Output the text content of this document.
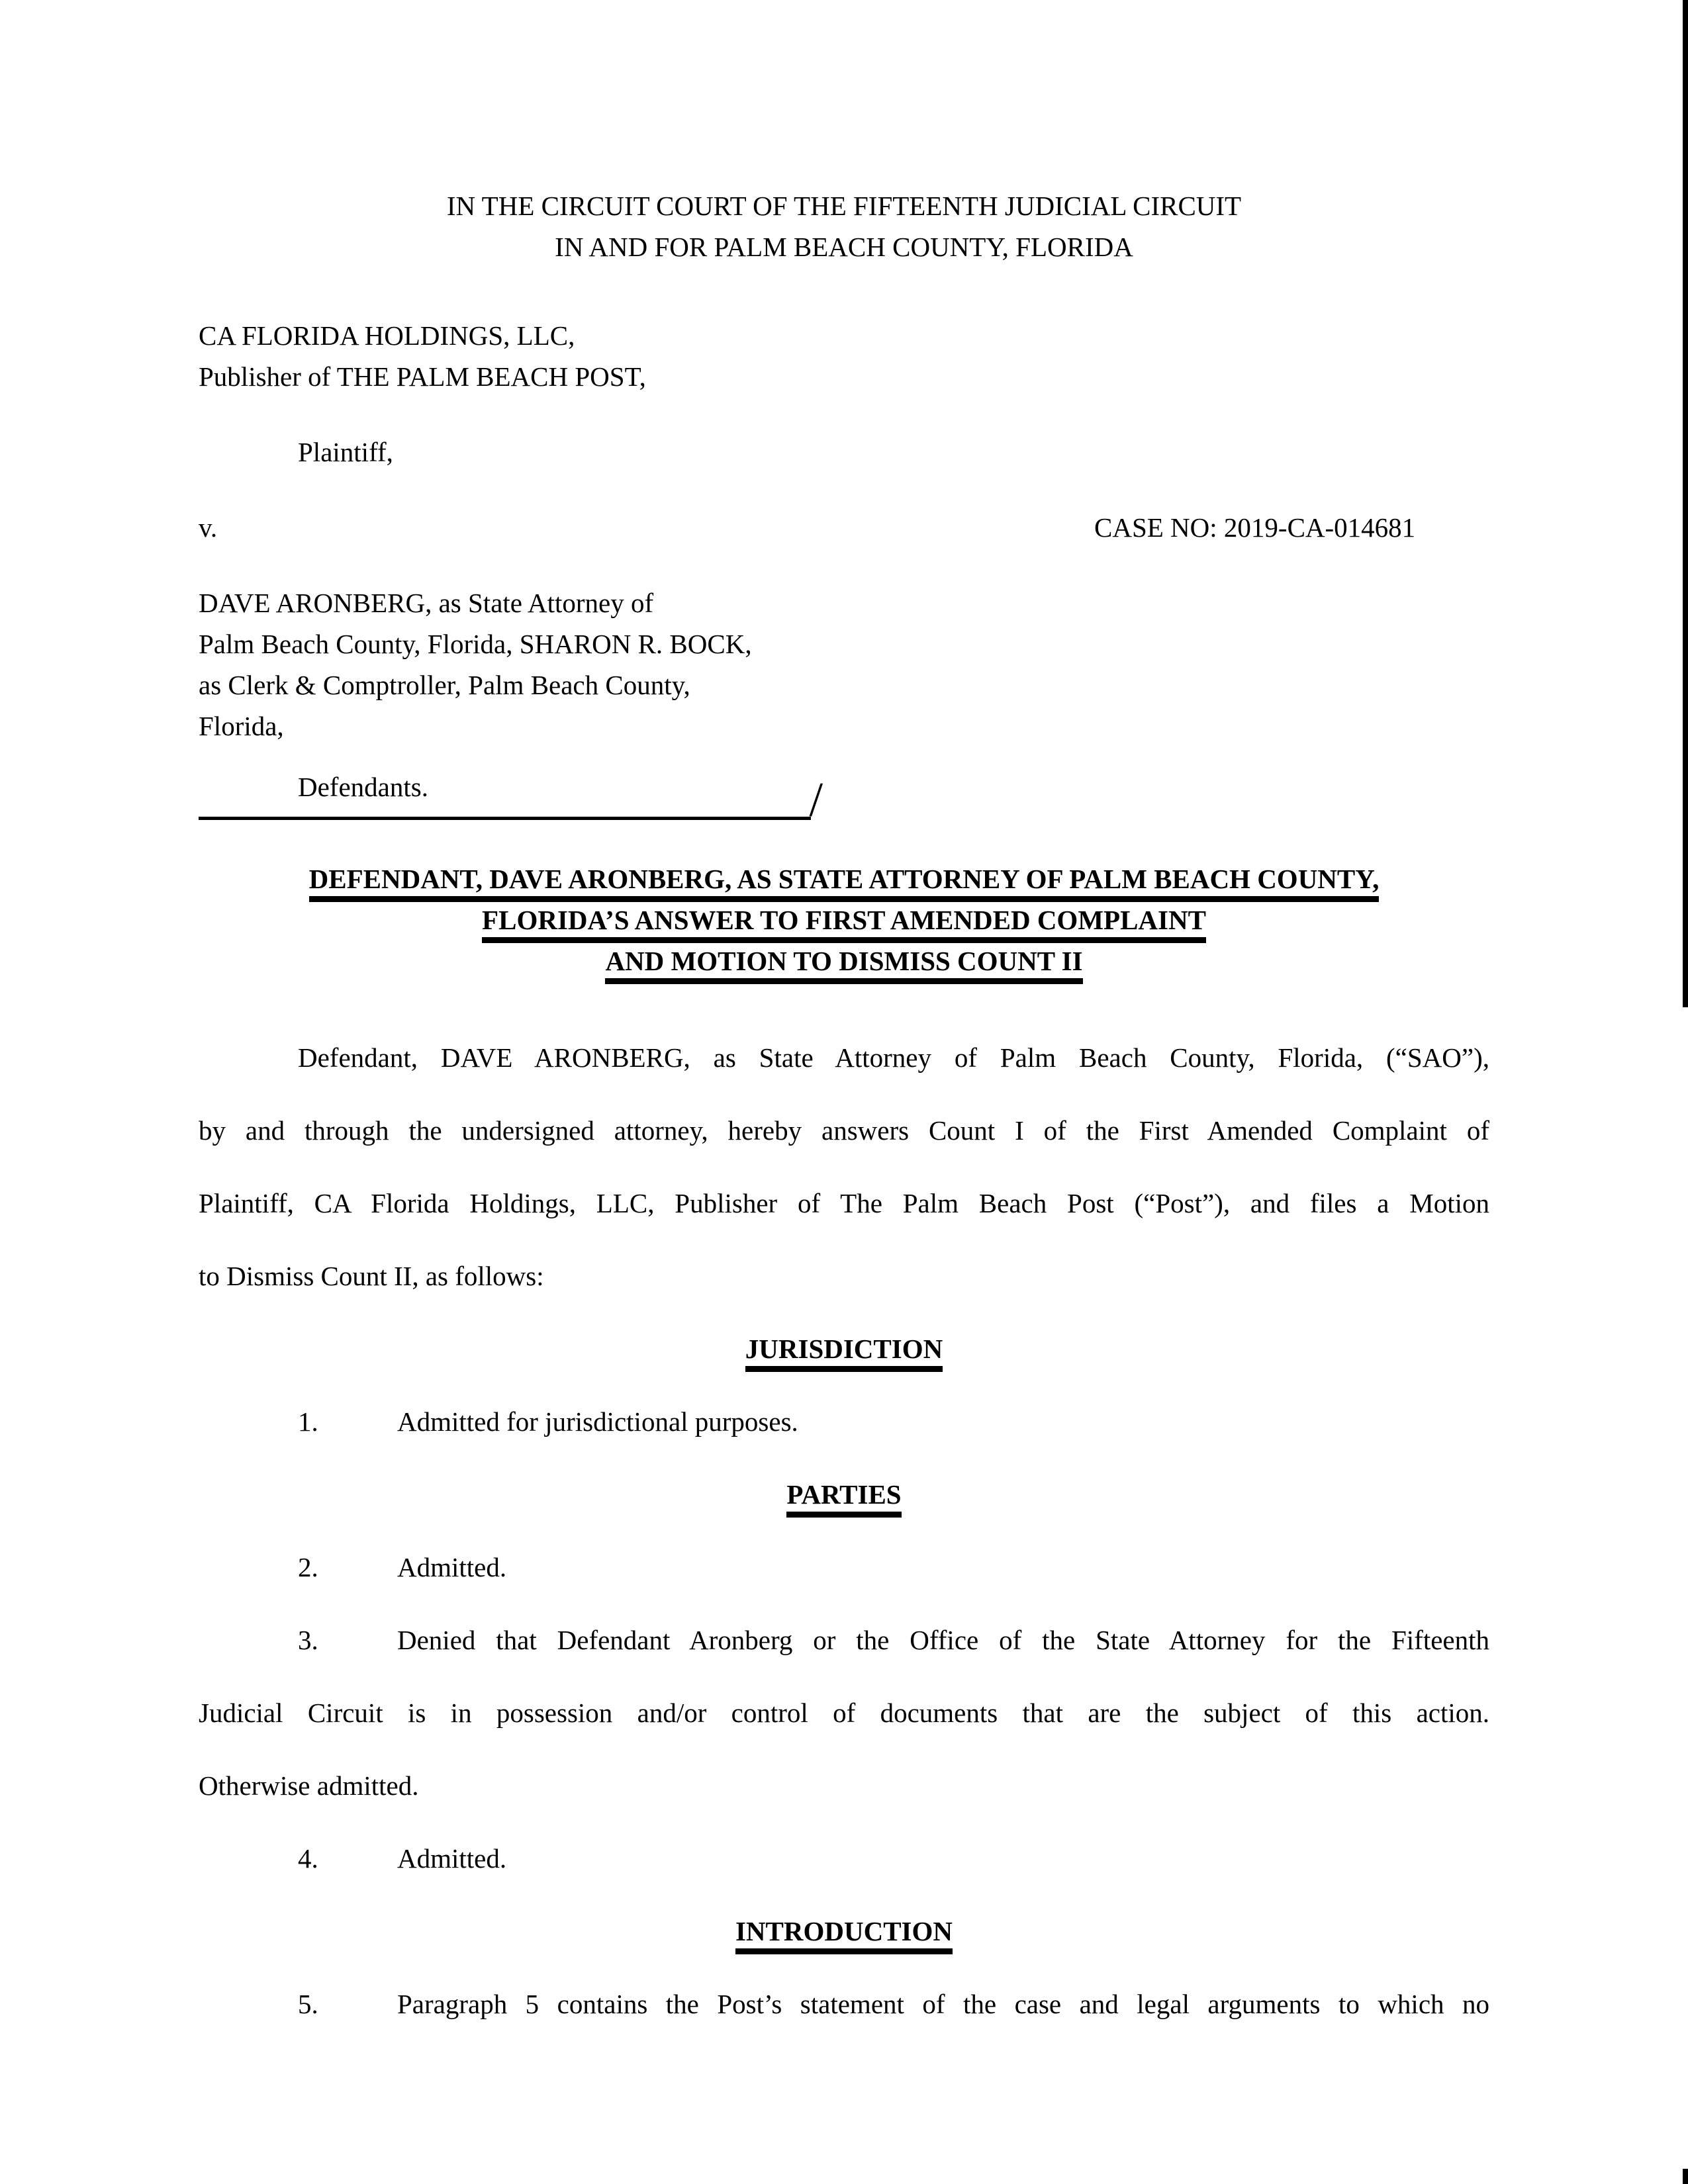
IN THE CIRCUIT COURT OF THE FIFTEENTH JUDICIAL CIRCUIT
IN AND FOR PALM BEACH COUNTY, FLORIDA
CA FLORIDA HOLDINGS, LLC,
Publisher of THE PALM BEACH POST,
Plaintiff,
v.	CASE NO: 2019-CA-014681
DAVE ARONBERG, as State Attorney of
Palm Beach County, Florida, SHARON R. BOCK,
as Clerk & Comptroller, Palm Beach County,
Florida,
Defendants.	/
DEFENDANT, DAVE ARONBERG, AS STATE ATTORNEY OF PALM BEACH COUNTY,
FLORIDA’S ANSWER TO FIRST AMENDED COMPLAINT
AND MOTION TO DISMISS COUNT II
Defendant, DAVE ARONBERG, as State Attorney of Palm Beach County, Florida, (“SAO”),
by and through the undersigned attorney, hereby answers Count I of the First Amended Complaint of
Plaintiff, CA Florida Holdings, LLC, Publisher of The Palm Beach Post (“Post”), and files a Motion
to Dismiss Count II, as follows:
JURISDICTION
1.	Admitted for jurisdictional purposes.
PARTIES
2.	Admitted.
3.	Denied that Defendant Aronberg or the Office of the State Attorney for the Fifteenth
Judicial Circuit is in possession and/or control of documents that are the subject of this action.
Otherwise admitted.
4.	Admitted.
INTRODUCTION
5.	Paragraph 5 contains the Post’s statement of the case and legal arguments to which no
